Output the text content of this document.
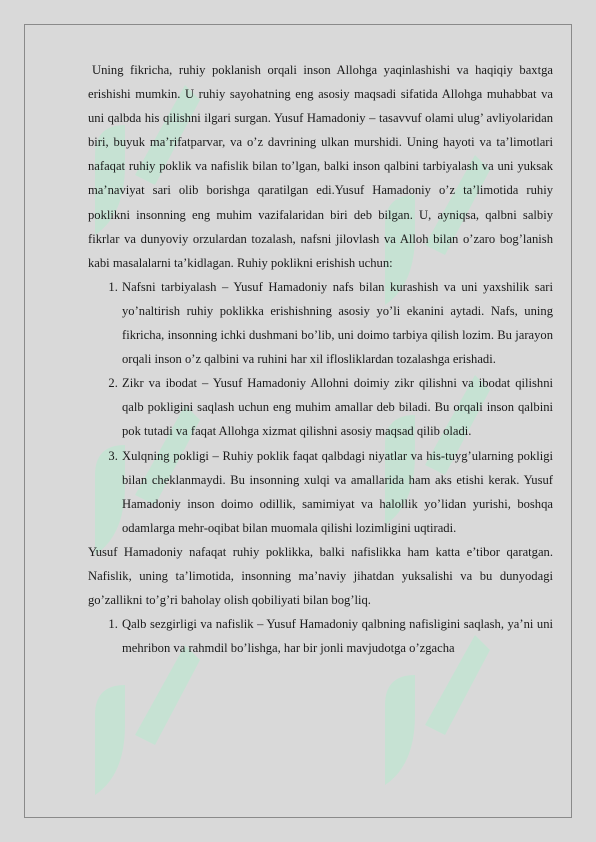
Uning fikricha, ruhiy poklanish orqali inson Allohga yaqinlashishi va haqiqiy baxtga erishishi mumkin. U ruhiy sayohatning eng asosiy maqsadi sifatida Allohga muhabbat va uni qalbda his qilishni ilgari surgan. Yusuf Hamadoniy – tasavvuf olami ulug’ avliyolaridan biri, buyuk ma’rifatparvar, va o’z davrining ulkan murshidi. Uning hayoti va ta’limotlari nafaqat ruhiy poklik va nafislik bilan to’lgan, balki inson qalbini tarbiyalash va uni yuksak ma’naviyat sari olib borishga qaratilgan edi.Yusuf Hamadoniy o’z ta’limotida ruhiy poklikni insonning eng muhim vazifalaridan biri deb bilgan. U, ayniqsa, qalbni salbiy fikrlar va dunyoviy orzulardan tozalash, nafsni jilovlash va Alloh bilan o’zaro bog’lanish kabi masalalarni ta’kidlagan. Ruhiy poklikni erishish uchun:

1. Nafsni tarbiyalash – Yusuf Hamadoniy nafs bilan kurashish va uni yaxshilik sari yo’naltirish ruhiy poklikka erishishning asosiy yo’li ekanini aytadi. Nafs, uning fikricha, insonning ichki dushmani bo’lib, uni doimo tarbiya qilish lozim. Bu jarayon orqali inson o’z qalbini va ruhini har xil iflosliklardan tozalashga erishadi.
2. Zikr va ibodat – Yusuf Hamadoniy Allohni doimiy zikr qilishni va ibodat qilishni qalb pokligini saqlash uchun eng muhim amallar deb biladi. Bu orqali inson qalbini pok tutadi va faqat Allohga xizmat qilishni asosiy maqsad qilib oladi.
3. Xulqning pokligi – Ruhiy poklik faqat qalbdagi niyatlar va his-tuyg’ularning pokligi bilan cheklanmaydi. Bu insonning xulqi va amallarida ham aks etishi kerak. Yusuf Hamadoniy inson doimo odillik, samimiyat va halollik yo’lidan yurishi, boshqa odamlarga mehr-oqibat bilan muomala qilishi lozimligini uqtiradi.

Yusuf Hamadoniy nafaqat ruhiy poklikka, balki nafislikka ham katta e’tibor qaratgan. Nafislik, uning ta’limotida, insonning ma’naviy jihatdan yuksalishi va bu dunyodagi go’zallikni to’g’ri baholay olish qobiliyati bilan bog’liq.

1. Qalb sezgirligi va nafislik – Yusuf Hamadoniy qalbning nafisligini saqlash, ya’ni uni mehribon va rahmdil bo’lishga, har bir jonli mavjudotga o’zgacha
